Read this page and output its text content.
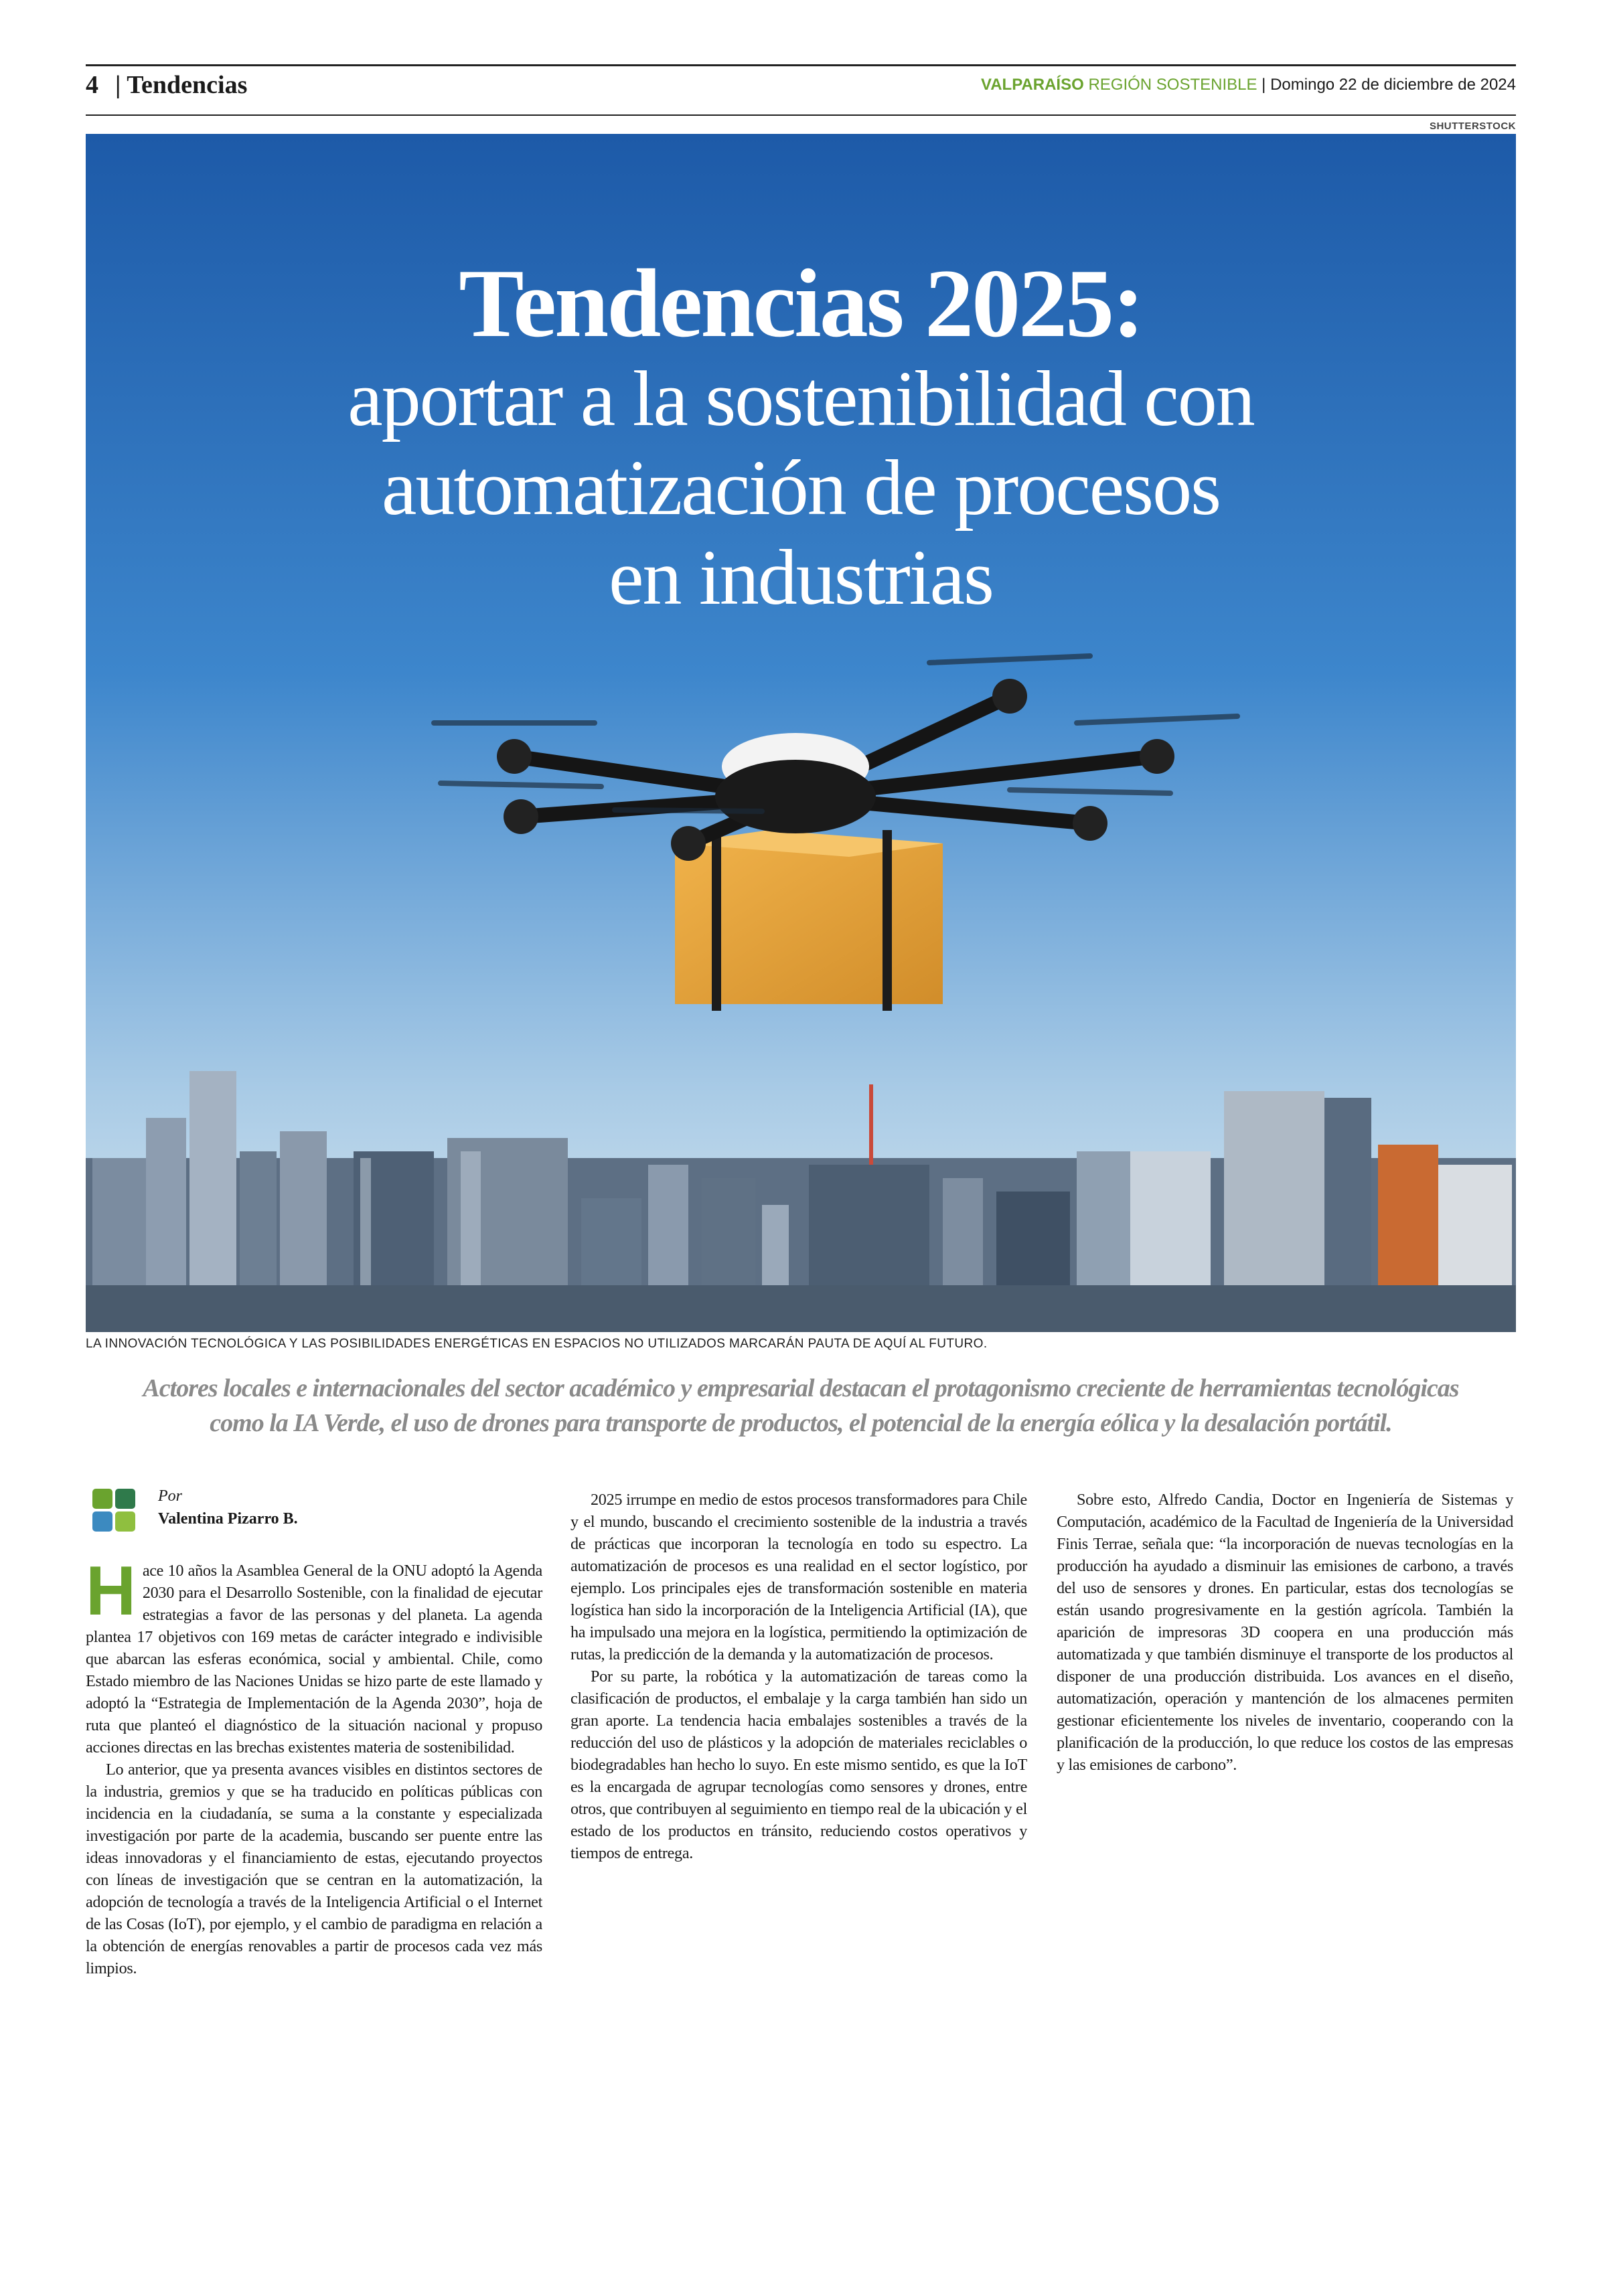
4 | Tendencias	VALPARAÍSO REGIÓN SOSTENIBLE | Domingo 22 de diciembre de 2024
SHUTTERSTOCK
Tendencias 2025:
aportar a la sostenibilidad con
automatización de procesos
en industrias
LA INNOVACIÓN TECNOLÓGICA Y LAS POSIBILIDADES ENERGÉTICAS EN ESPACIOS NO UTILIZADOS MARCARÁN PAUTA DE AQUÍ AL FUTURO.
Actores locales e internacionales del sector académico y empresarial destacan el protagonismo creciente de herramientas tecnológicas
como la IA Verde, el uso de drones para transporte de productos, el potencial de la energía eólica y la desalación portátil.
Por
Valentina Pizarro B.

Hace 10 años la Asamblea General de la ONU adoptó la Agenda 2030 para el Desarrollo Sostenible, con la finalidad de ejecutar estrategias a favor de las personas y del planeta. La agenda plantea 17 objetivos con 169 metas de carácter integrado e indivisible que abarcan las esferas económica, social y ambiental. Chile, como Estado miembro de las Naciones Unidas se hizo parte de este llamado y adoptó la “Estrategia de Implementación de la Agenda 2030”, hoja de ruta que planteó el diagnóstico de la situación nacional y propuso acciones directas en las brechas existentes materia de sostenibilidad.

Lo anterior, que ya presenta avances visibles en distintos sectores de la industria, gremios y que se ha traducido en políticas públicas con incidencia en la ciudadanía, se suma a la constante y especializada investigación por parte de la academia, buscando ser puente entre las ideas innovadoras y el financiamiento de estas, ejecutando proyectos con líneas de investigación que se centran en la automatización, la adopción de tecnología a través de la Inteligencia Artificial o el Internet de las Cosas (IoT), por ejemplo, y el cambio de paradigma en relación a la obtención de energías renovables a partir de procesos cada vez más limpios.

2025 irrumpe en medio de estos procesos transformadores para Chile y el mundo, buscando el crecimiento sostenible de la industria a través de prácticas que incorporan la tecnología en todo su espectro. La automatización de procesos es una realidad en el sector logístico, por ejemplo. Los principales ejes de transformación sostenible en materia logística han sido la incorporación de la Inteligencia Artificial (IA), que ha impulsado una mejora en la logística, permitiendo la optimización de rutas, la predicción de la demanda y la automatización de procesos.

Por su parte, la robótica y la automatización de tareas como la clasificación de productos, el embalaje y la carga también han sido un gran aporte. La tendencia hacia embalajes sostenibles a través de la reducción del uso de plásticos y la adopción de materiales reciclables o biodegradables han hecho lo suyo. En este mismo sentido, es que la IoT es la encargada de agrupar tecnologías como sensores y drones, entre otros, que contribuyen al seguimiento en tiempo real de la ubicación y el estado de los productos en tránsito, reduciendo costos operativos y tiempos de entrega.

Sobre esto, Alfredo Candia, Doctor en Ingeniería de Sistemas y Computación, académico de la Facultad de Ingeniería de la Universidad Finis Terrae, señala que: “la incorporación de nuevas tecnologías en la producción ha ayudado a disminuir las emisiones de carbono, a través del uso de sensores y drones. En particular, estas dos tecnologías se están usando progresivamente en la gestión agrícola. También la aparición de impresoras 3D coopera en una producción más automatizada y que también disminuye el transporte de los productos al disponer de una producción distribuida. Los avances en el diseño, automatización, operación y mantención de los almacenes permiten gestionar eficientemente los niveles de inventario, cooperando con la planificación de la producción, lo que reduce los costos de las empresas y las emisiones de carbono”.
